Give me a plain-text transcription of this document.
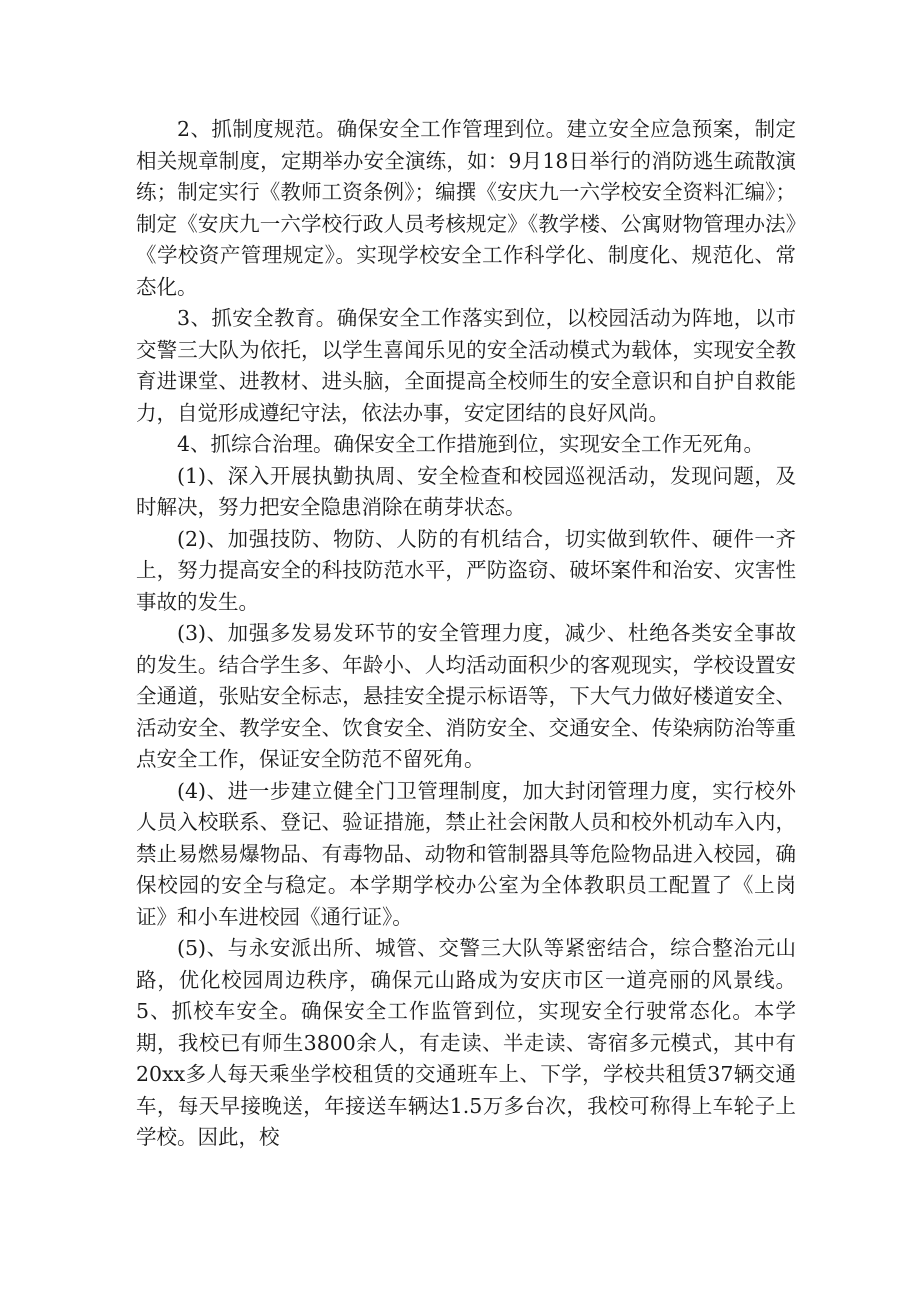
2、抓制度规范。确保安全工作管理到位。建立安全应急预案，制定相关规章制度，定期举办安全演练，如：9月18日举行的消防逃生疏散演练；制定实行《教师工资条例》；编撰《安庆九一六学校安全资料汇编》；制定《安庆九一六学校行政人员考核规定》《教学楼、公寓财物管理办法》《学校资产管理规定》。实现学校安全工作科学化、制度化、规范化、常态化。

3、抓安全教育。确保安全工作落实到位，以校园活动为阵地，以市交警三大队为依托，以学生喜闻乐见的安全活动模式为载体，实现安全教育进课堂、进教材、进头脑，全面提高全校师生的安全意识和自护自救能力，自觉形成遵纪守法，依法办事，安定团结的良好风尚。

4、抓综合治理。确保安全工作措施到位，实现安全工作无死角。

(1)、深入开展执勤执周、安全检查和校园巡视活动，发现问题，及时解决，努力把安全隐患消除在萌芽状态。

(2)、加强技防、物防、人防的有机结合，切实做到软件、硬件一齐上，努力提高安全的科技防范水平，严防盗窃、破坏案件和治安、灾害性事故的发生。

(3)、加强多发易发环节的安全管理力度，减少、杜绝各类安全事故的发生。结合学生多、年龄小、人均活动面积少的客观现实，学校设置安全通道，张贴安全标志，悬挂安全提示标语等，下大气力做好楼道安全、活动安全、教学安全、饮食安全、消防安全、交通安全、传染病防治等重点安全工作，保证安全防范不留死角。

(4)、进一步建立健全门卫管理制度，加大封闭管理力度，实行校外人员入校联系、登记、验证措施，禁止社会闲散人员和校外机动车入内，禁止易燃易爆物品、有毒物品、动物和管制器具等危险物品进入校园，确保校园的安全与稳定。本学期学校办公室为全体教职员工配置了《上岗证》和小车进校园《通行证》。

(5)、与永安派出所、城管、交警三大队等紧密结合，综合整治元山路，优化校园周边秩序，确保元山路成为安庆市区一道亮丽的风景线。5、抓校车安全。确保安全工作监管到位，实现安全行驶常态化。本学期，我校已有师生3800余人，有走读、半走读、寄宿多元模式，其中有20xx多人每天乘坐学校租赁的交通班车上、下学，学校共租赁37辆交通车，每天早接晚送，年接送车辆达1.5万多台次，我校可称得上车轮子上学校。因此，校
